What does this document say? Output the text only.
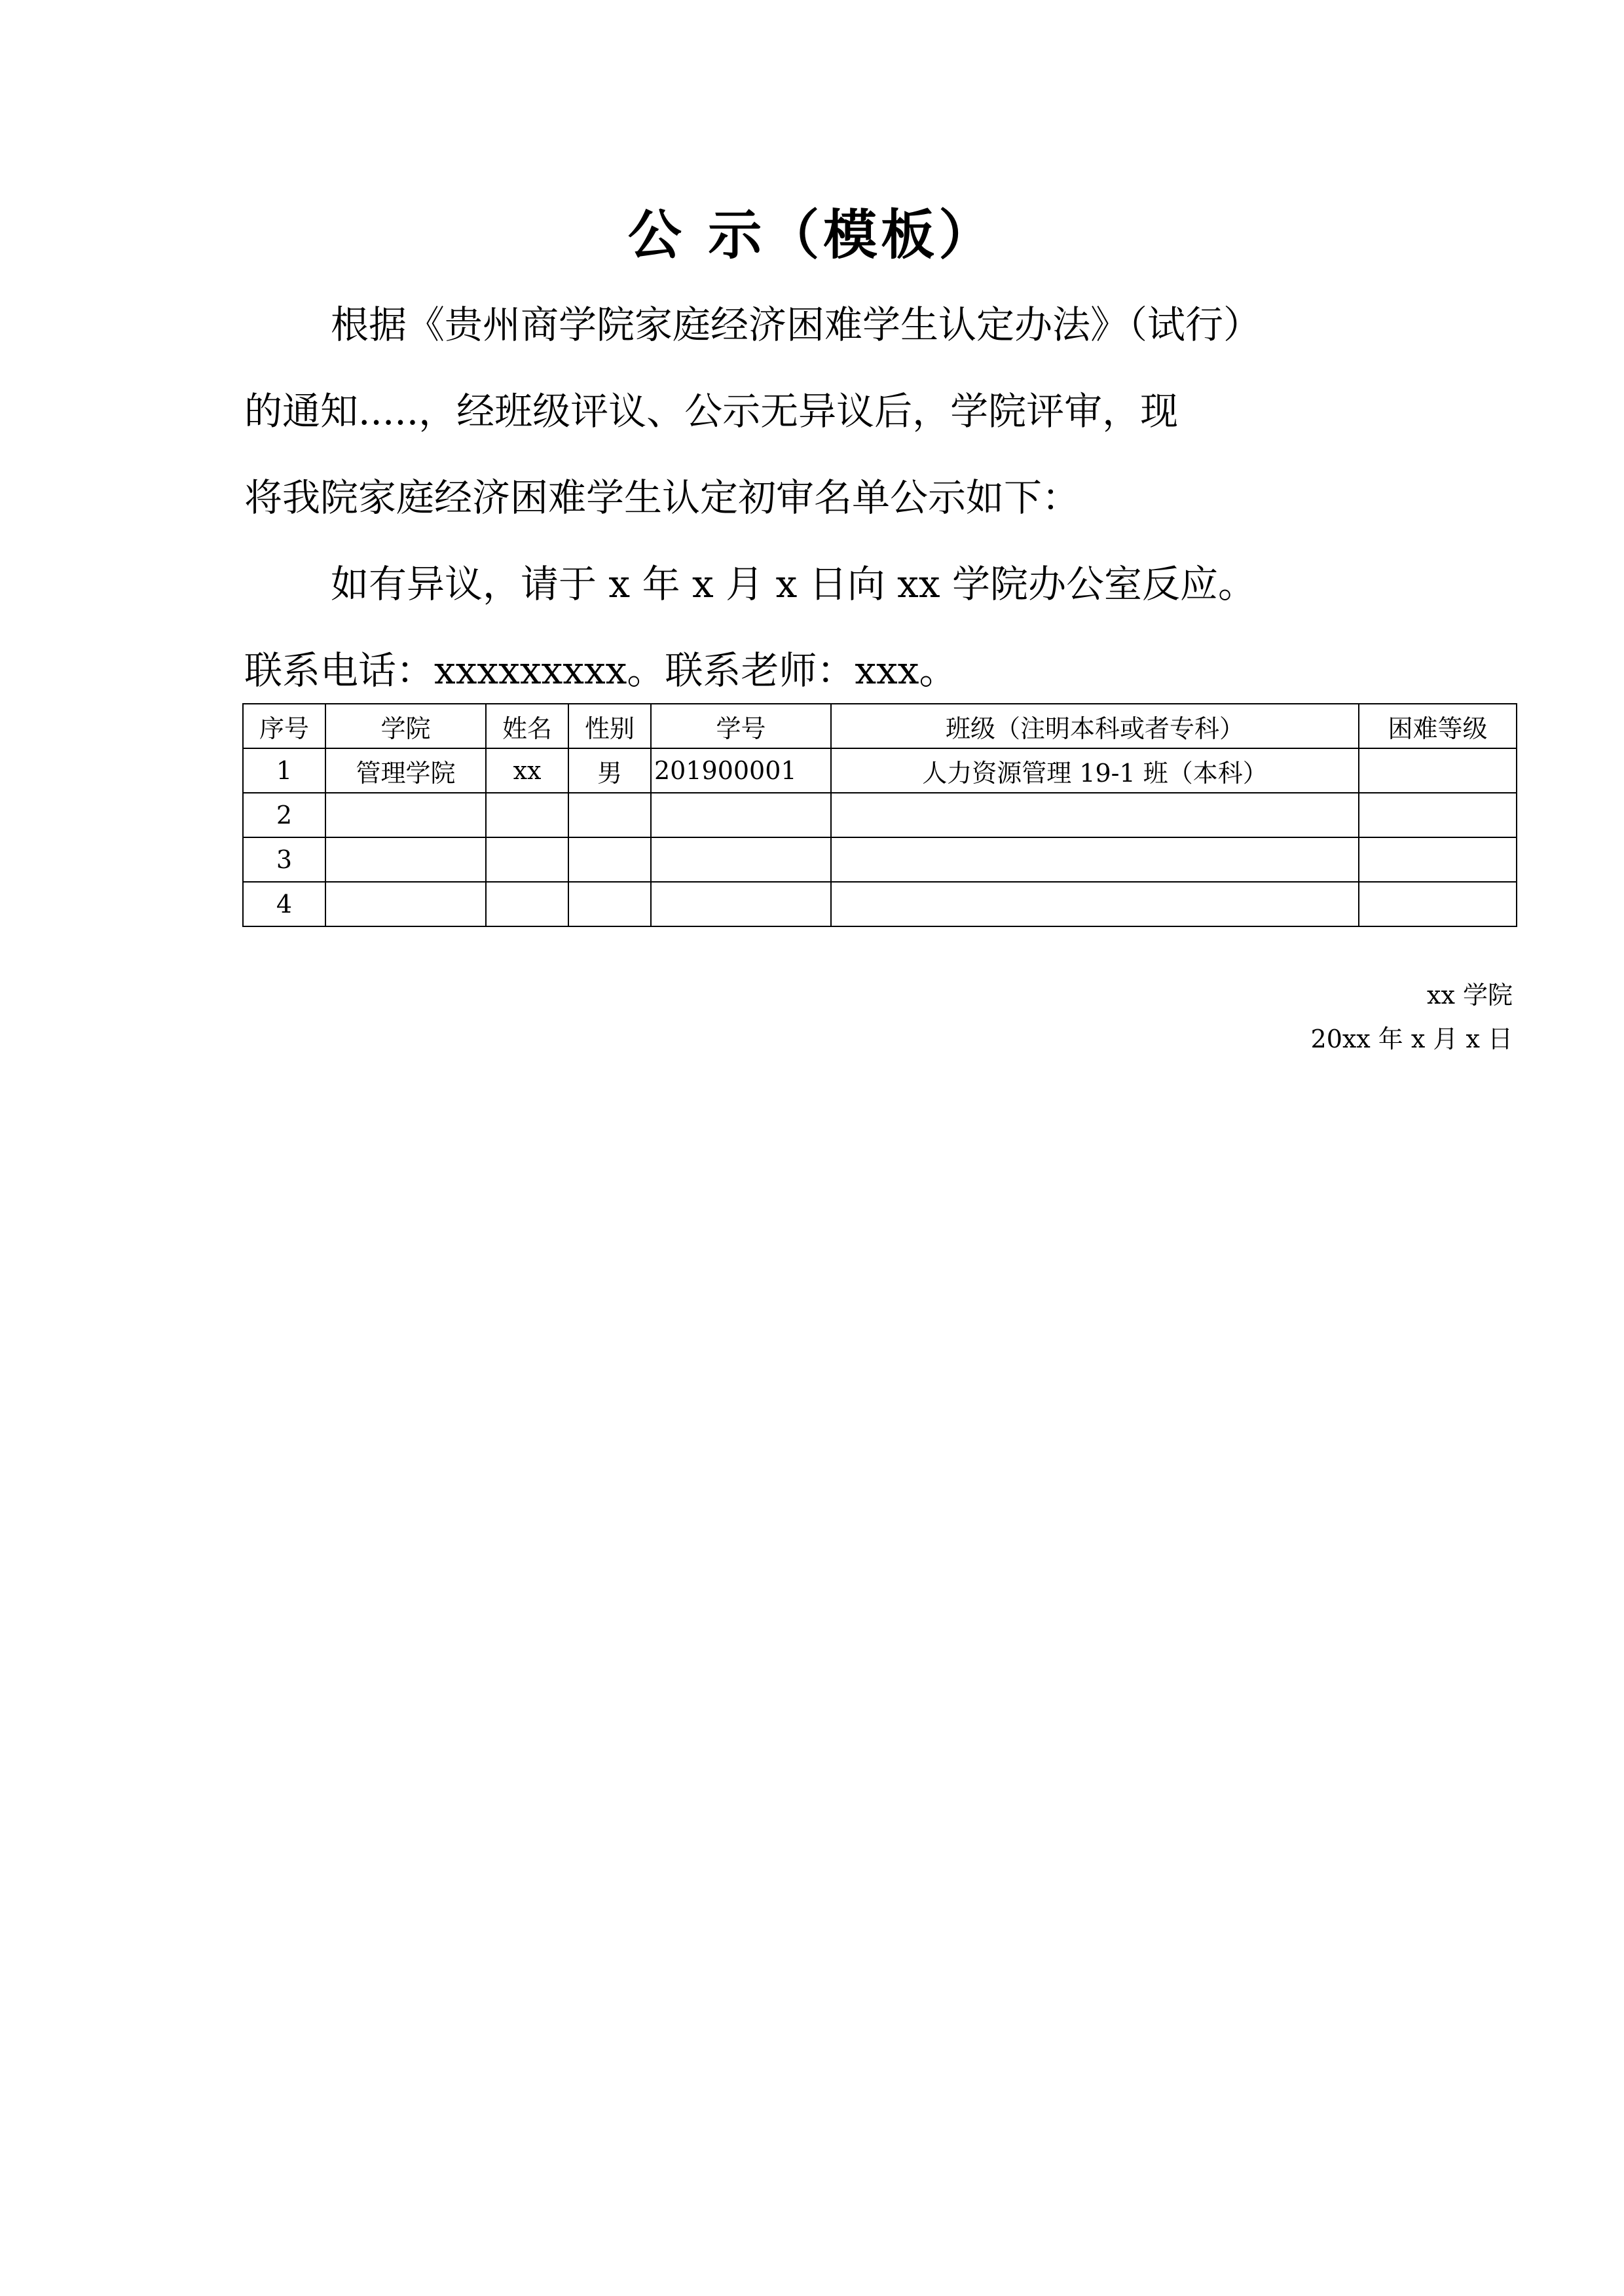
公 示（模板）
根据《贵州商学院家庭经济困难学生认定办法》（试行）
的通知.....，经班级评议、公示无异议后，学院评审，现
将我院家庭经济困难学生认定初审名单公示如下：
如有异议，请于 x 年 x 月 x 日向 xx 学院办公室反应。
联系电话：xxxxxxxxx。联系老师：xxx。
序号	学院	姓名	性别	学号	班级（注明本科或者专科）	困难等级
1	管理学院	xx	男	201900001	人力资源管理 19-1 班（本科）	
2						
3						
4						
xx 学院
20xx 年 x 月 x 日
